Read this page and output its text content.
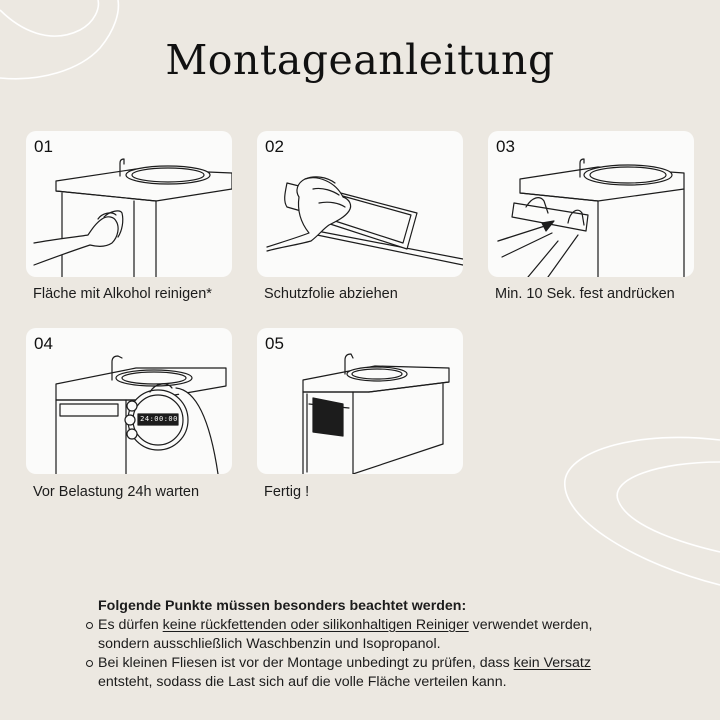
Montageanleitung
01
Fläche mit Alkohol reinigen*
02
Schutzfolie abziehen
03
Min. 10 Sek. fest andrücken
24:00:00
04
Vor Belastung 24h warten
05
Fertig !
Folgende Punkte müssen besonders beachtet werden:
Es dürfen keine rückfettenden oder silikonhaltigen Reiniger verwendet werden, sondern ausschließlich Waschbenzin und Isopropanol.
Bei kleinen Fliesen ist vor der Montage unbedingt zu prüfen, dass kein Versatz entsteht, sodass die Last sich auf die volle Fläche verteilen kann.
